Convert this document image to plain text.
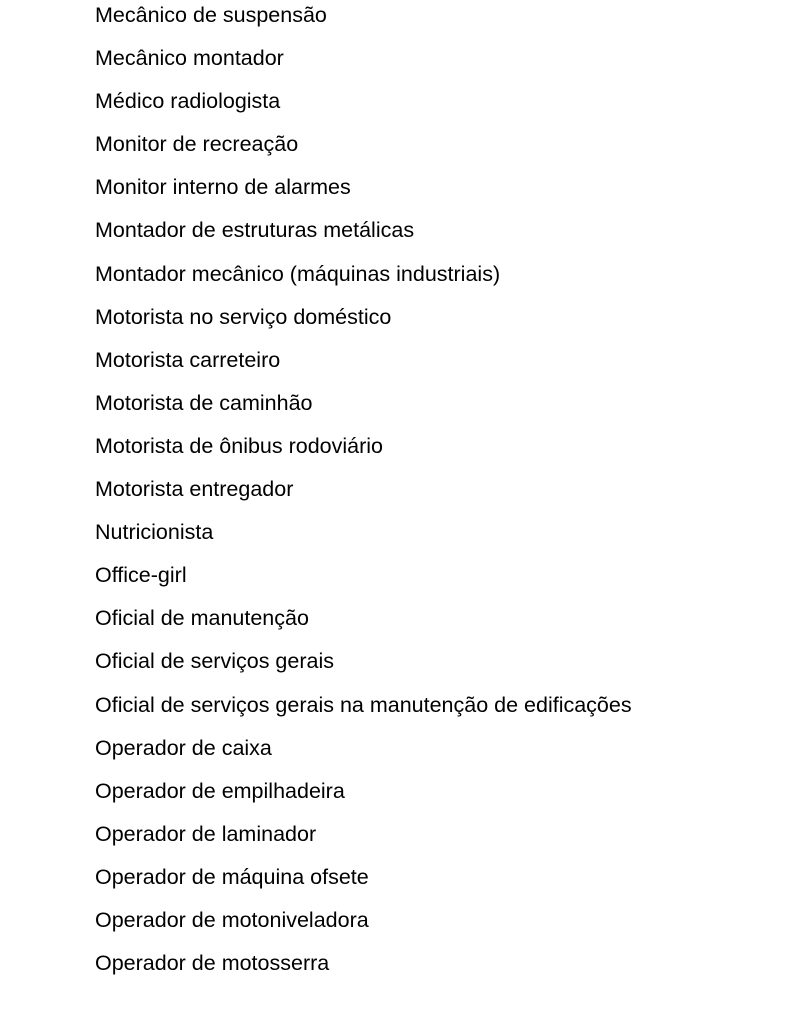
Mecânico de suspensão
Mecânico montador
Médico radiologista
Monitor de recreação
Monitor interno de alarmes
Montador de estruturas metálicas
Montador mecânico (máquinas industriais)
Motorista no serviço doméstico
Motorista carreteiro
Motorista de caminhão
Motorista de ônibus rodoviário
Motorista entregador
Nutricionista
Office-girl
Oficial de manutenção
Oficial de serviços gerais
Oficial de serviços gerais na manutenção de edificações
Operador de caixa
Operador de empilhadeira
Operador de laminador
Operador de máquina ofsete
Operador de motoniveladora
Operador de motosserra
